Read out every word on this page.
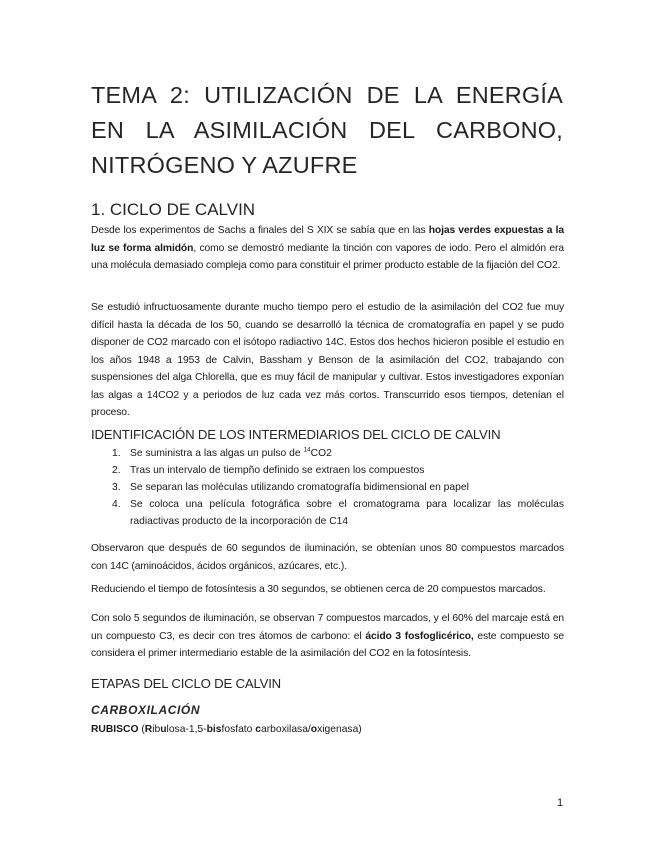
TEMA 2: UTILIZACIÓN DE LA ENERGÍA EN LA ASIMILACIÓN DEL CARBONO, NITRÓGENO Y AZUFRE
1. CICLO DE CALVIN

Desde los experimentos de Sachs a finales del S XIX se sabía que en las hojas verdes expuestas a la luz se forma almidón, como se demostró mediante la tinción con vapores de iodo. Pero el almidón era una molécula demasiado compleja como para constituir el primer producto estable de la fijación del CO2.

Se estudió infructuosamente durante mucho tiempo pero el estudio de la asimilación del CO2 fue muy difícil hasta la década de los 50, cuando se desarrolló la técnica de cromatografía en papel y se pudo disponer de CO2 marcado con el isótopo radiactivo 14C. Estos dos hechos hicieron posible el estudio en los años 1948 a 1953 de Calvin, Bassham y Benson de la asimilación del CO2, trabajando con suspensiones del alga Chlorella, que es muy fácil de manipular y cultivar. Estos investigadores exponían las algas a 14CO2 y a periodos de luz cada vez más cortos. Transcurrido esos tiempos, detenían el proceso.

IDENTIFICACIÓN DE LOS INTERMEDIARIOS DEL CICLO DE CALVIN
1. Se suministra a las algas un pulso de $^{14}$CO2
2. Tras un intervalo de tiempño definido se extraen los compuestos
3. Se separan las moléculas utilizando cromatografía bidimensional en papel
4. Se coloca una película fotográfica sobre el cromatograma para localizar las moléculas radiactivas producto de la incorporación de C14

Observaron que después de 60 segundos de iluminación, se obtenían unos 80 compuestos marcados con 14C (aminoácidos, ácidos orgánicos, azúcares, etc.).

Reduciendo el tiempo de fotosíntesis a 30 segundos, se obtienen cerca de 20 compuestos marcados.

Con solo 5 segundos de iluminación, se observan 7 compuestos marcados, y el 60% del marcaje está en un compuesto C3, es decir con tres átomos de carbono: el ácido 3 fosfoglicérico, este compuesto se considera el primer intermediario estable de la asimilación del CO2 en la fotosíntesis.

ETAPAS DEL CICLO DE CALVIN
CARBOXILACIÓN

RUBISCO (Ribulosa-1,5-bisfosfato carboxilasa/oxigenasa)

1
